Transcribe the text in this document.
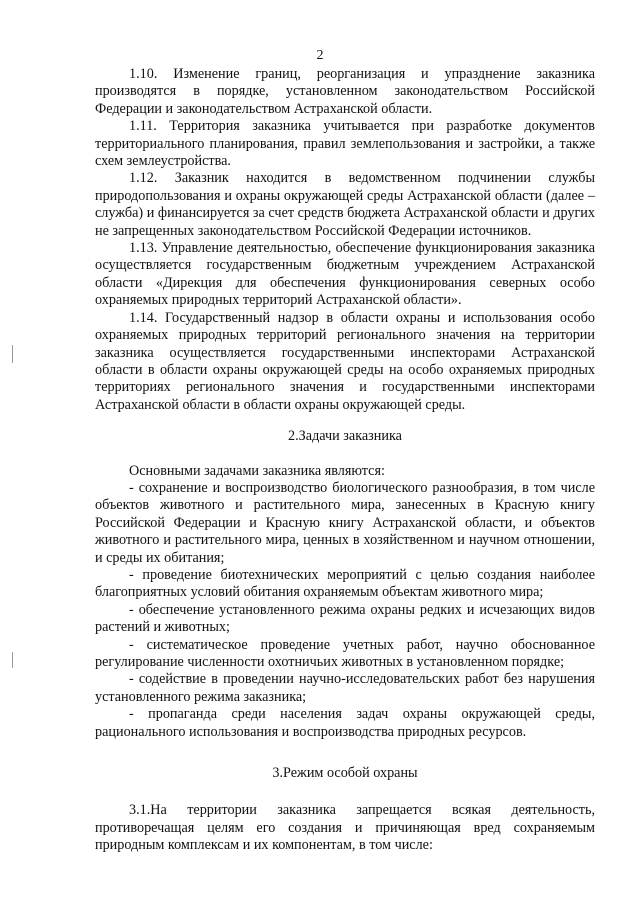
2

1.10. Изменение границ, реорганизация и упразднение заказника производятся в порядке, установленном законодательством Российской Федерации и законодательством Астраханской области.

1.11. Территория заказника учитывается при разработке документов территориального планирования, правил землепользования и застройки, а также схем землеустройства.

1.12. Заказник находится в ведомственном подчинении службы природопользования и охраны окружающей среды Астраханской области (далее – служба) и финансируется за счет средств бюджета Астраханской области и других не запрещенных законодательством Российской Федерации источников.

1.13. Управление деятельностью, обеспечение функционирования заказника осуществляется государственным бюджетным учреждением Астраханской области «Дирекция для обеспечения функционирования северных особо охраняемых природных территорий Астраханской области».

1.14. Государственный надзор в области охраны и использования особо охраняемых природных территорий регионального значения на территории заказника осуществляется государственными инспекторами Астраханской области в области охраны окружающей среды на особо охраняемых природных территориях регионального значения и государственными инспекторами Астраханской области в области охраны окружающей среды.

2.Задачи заказника

Основными задачами заказника являются:

- сохранение и воспроизводство биологического разнообразия, в том числе объектов животного и растительного мира, занесенных в Красную книгу Российской Федерации и Красную книгу Астраханской области, и объектов животного и растительного мира, ценных в хозяйственном и научном отношении, и среды их обитания;

- проведение биотехнических мероприятий с целью создания наиболее благоприятных условий обитания охраняемым объектам животного мира;

- обеспечение установленного режима охраны редких и исчезающих видов растений и животных;

- систематическое проведение учетных работ, научно обоснованное регулирование численности охотничьих животных в установленном порядке;

- содействие в проведении научно-исследовательских работ без нарушения установленного режима заказника;

- пропаганда среди населения задач охраны окружающей среды, рационального использования и воспроизводства природных ресурсов.

3.Режим особой охраны

3.1.На территории заказника запрещается всякая деятельность, противоречащая целям его создания и причиняющая вред сохраняемым природным комплексам и их компонентам, в том числе:
